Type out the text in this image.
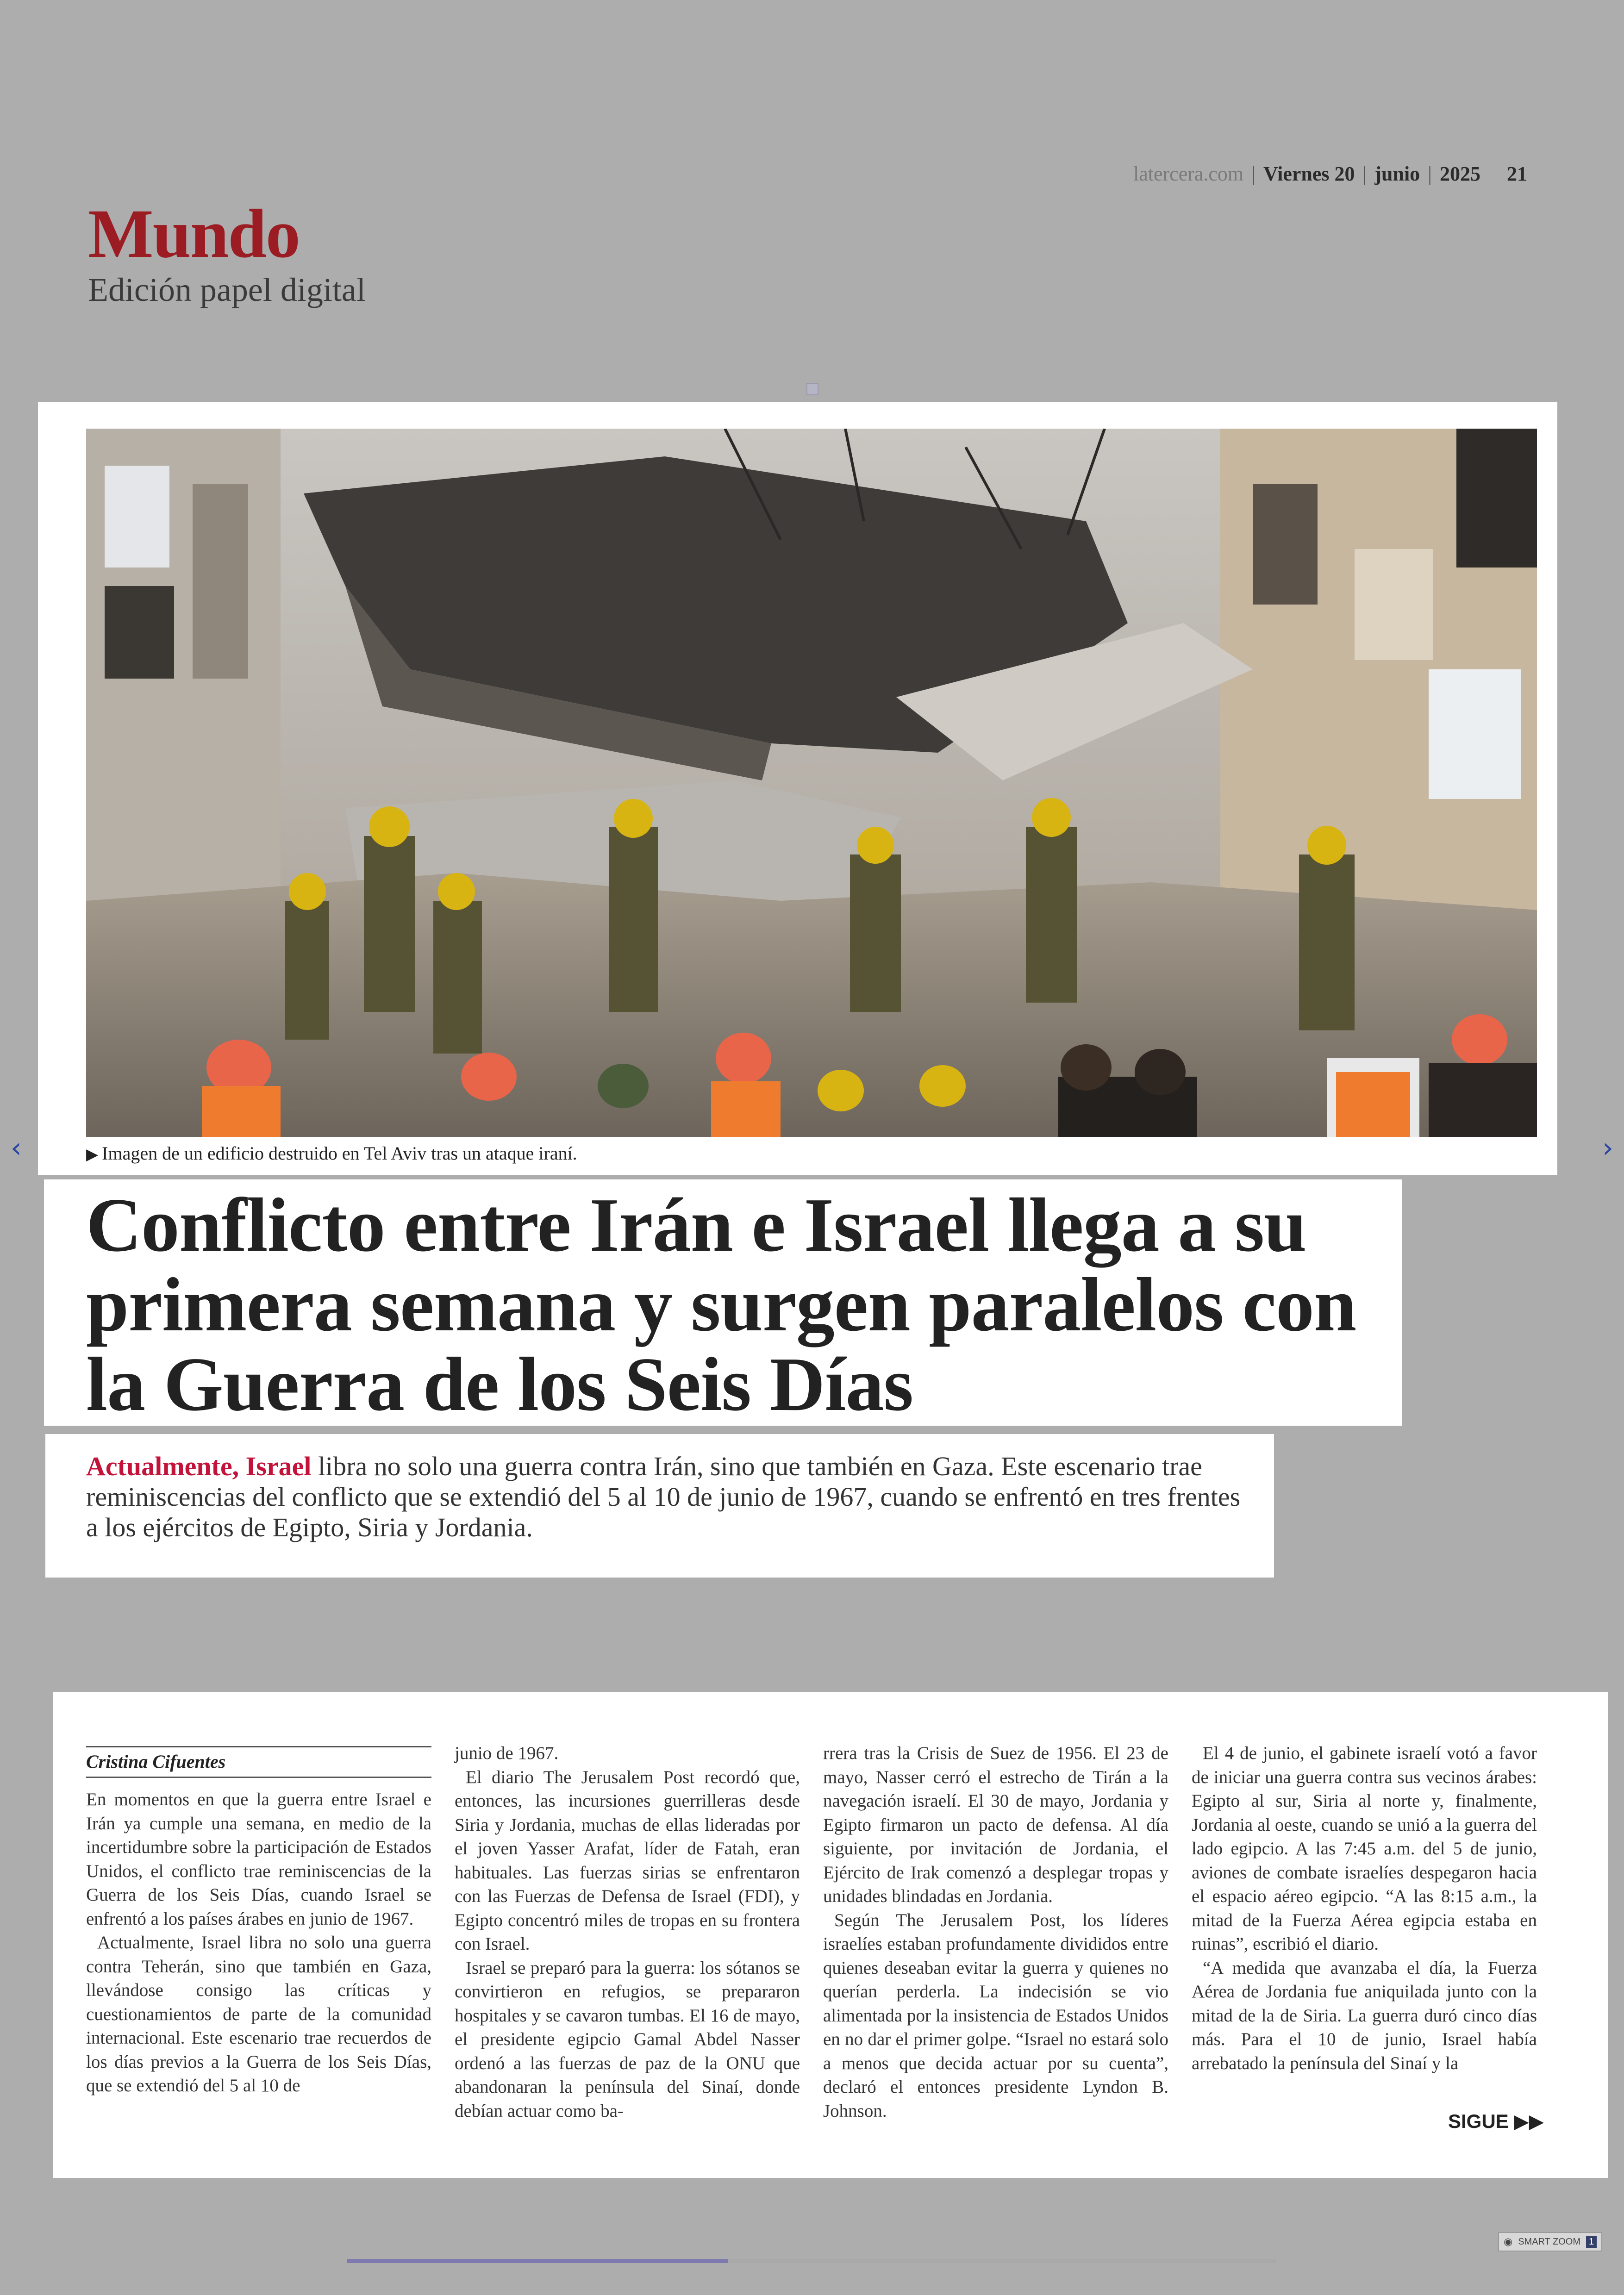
latercera.com | Viernes 20 | junio | 2025 21
Mundo
Edición papel digital
▶ Imagen de un edificio destruido en Tel Aviv tras un ataque iraní.
Conflicto entre Irán e Israel llega a su primera semana y surgen paralelos con la Guerra de los Seis Días
Actualmente, Israel libra no solo una guerra contra Irán, sino que también en Gaza. Este escenario trae reminiscencias del conflicto que se extendió del 5 al 10 de junio de 1967, cuando se enfrentó en tres frentes a los ejércitos de Egipto, Siria y Jordania.
Cristina Cifuentes

En momentos en que la guerra entre Israel e Irán ya cumple una semana, en medio de la incertidumbre sobre la participación de Estados Unidos, el conflicto trae reminiscencias de la Guerra de los Seis Días, cuando Israel se enfrentó a los países árabes en junio de 1967.

Actualmente, Israel libra no solo una guerra contra Teherán, sino que también en Gaza, llevándose consigo las críticas y cuestionamientos de parte de la comunidad internacional. Este escenario trae recuerdos de los días previos a la Guerra de los Seis Días, que se extendió del 5 al 10 de

junio de 1967.

El diario The Jerusalem Post recordó que, entonces, las incursiones guerrilleras desde Siria y Jordania, muchas de ellas lideradas por el joven Yasser Arafat, líder de Fatah, eran habituales. Las fuerzas sirias se enfrentaron con las Fuerzas de Defensa de Israel (FDI), y Egipto concentró miles de tropas en su frontera con Israel.

Israel se preparó para la guerra: los sótanos se convirtieron en refugios, se prepararon hospitales y se cavaron tumbas. El 16 de mayo, el presidente egipcio Gamal Abdel Nasser ordenó a las fuerzas de paz de la ONU que abandonaran la península del Sinaí, donde debían actuar como ba-

rrera tras la Crisis de Suez de 1956. El 23 de mayo, Nasser cerró el estrecho de Tirán a la navegación israelí. El 30 de mayo, Jordania y Egipto firmaron un pacto de defensa. Al día siguiente, por invitación de Jordania, el Ejército de Irak comenzó a desplegar tropas y unidades blindadas en Jordania.

Según The Jerusalem Post, los líderes israelíes estaban profundamente divididos entre quienes deseaban evitar la guerra y quienes no querían perderla. La indecisión se vio alimentada por la insistencia de Estados Unidos en no dar el primer golpe. “Israel no estará solo a menos que decida actuar por su cuenta”, declaró el entonces presidente Lyndon B. Johnson.

El 4 de junio, el gabinete israelí votó a favor de iniciar una guerra contra sus vecinos árabes: Egipto al sur, Siria al norte y, finalmente, Jordania al oeste, cuando se unió a la guerra del lado egipcio. A las 7:45 a.m. del 5 de junio, aviones de combate israelíes despegaron hacia el espacio aéreo egipcio. “A las 8:15 a.m., la mitad de la Fuerza Aérea egipcia estaba en ruinas”, escribió el diario.

“A medida que avanzaba el día, la Fuerza Aérea de Jordania fue aniquilada junto con la mitad de la de Siria. La guerra duró cinco días más. Para el 10 de junio, Israel había arrebatado la península del Sinaí y la

SIGUE ▶▶
‹	›
◉ SMART ZOOM 1
